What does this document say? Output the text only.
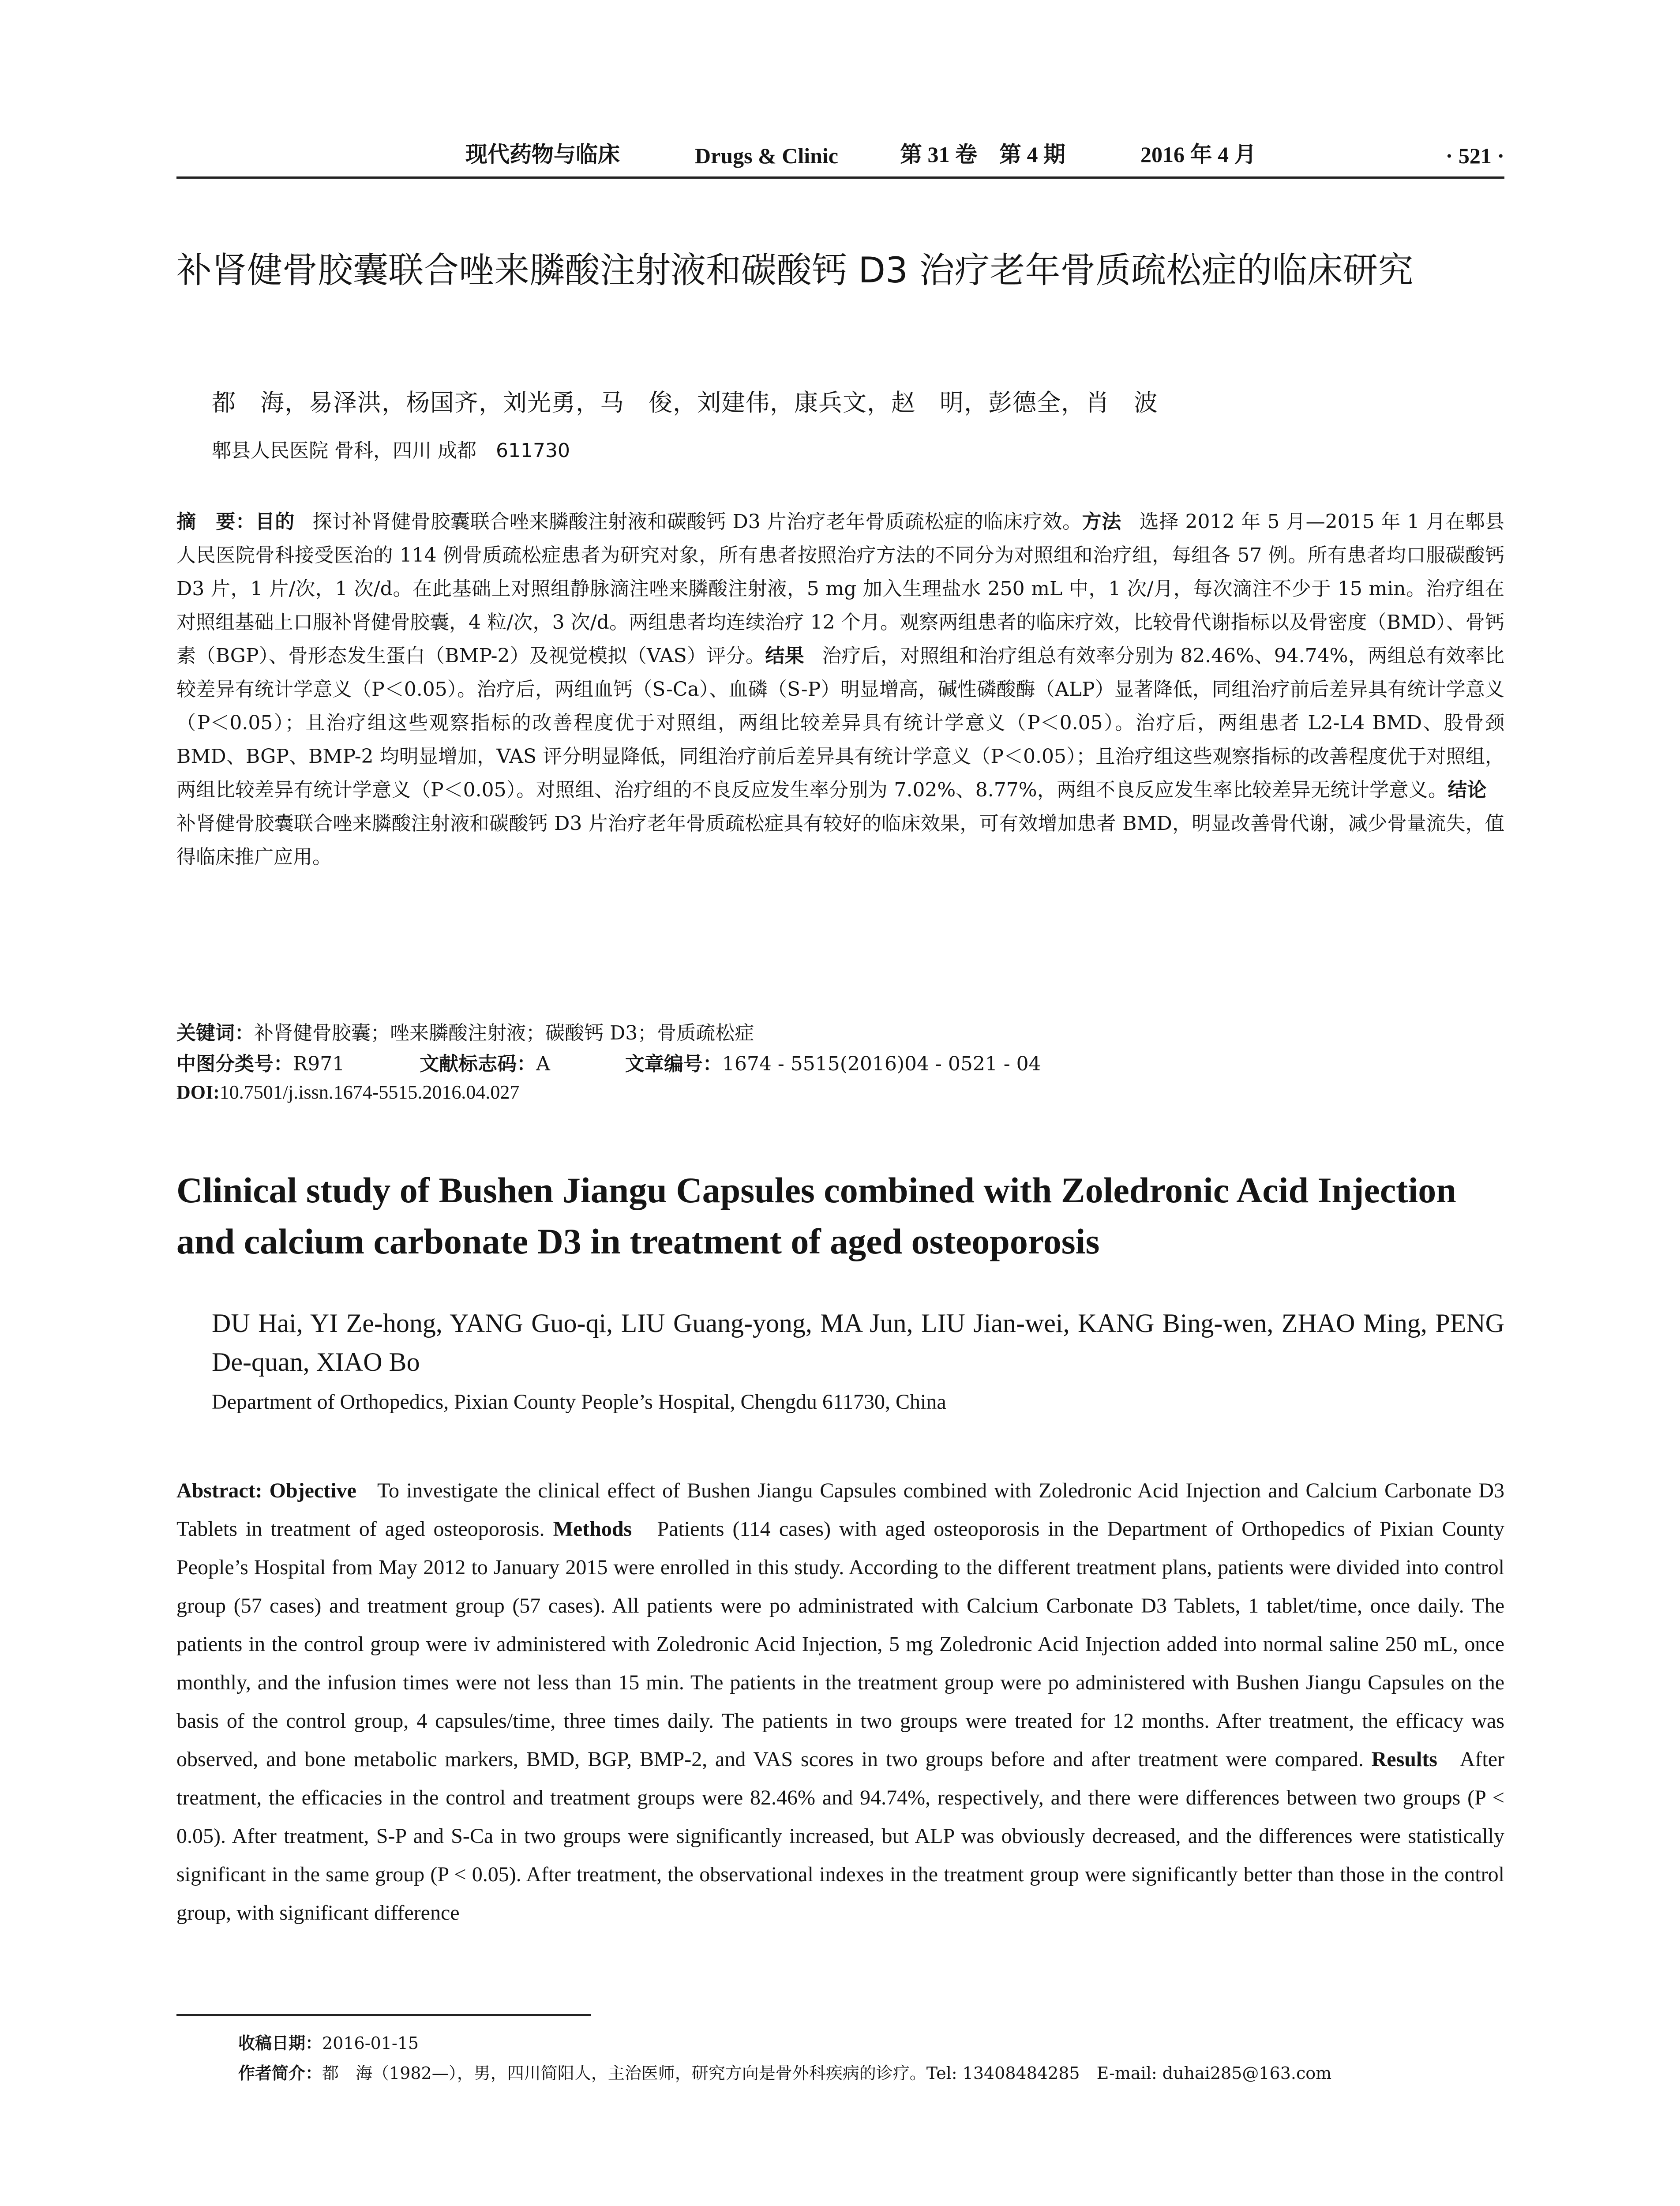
现代药物与临床	Drugs & Clinic	第 31 卷　第 4 期	2016 年 4 月	· 521 ·
补肾健骨胶囊联合唑来膦酸注射液和碳酸钙 D3 治疗老年骨质疏松症的临床研究

都　海，易泽洪，杨国齐，刘光勇，马　俊，刘建伟，康兵文，赵　明，彭德全，肖　波

郫县人民医院 骨科，四川 成都　611730

摘　要：目的 探讨补肾健骨胶囊联合唑来膦酸注射液和碳酸钙 D3 片治疗老年骨质疏松症的临床疗效。方法 选择 2012 年 5 月—2015 年 1 月在郫县人民医院骨科接受医治的 114 例骨质疏松症患者为研究对象，所有患者按照治疗方法的不同分为对照组和治疗组，每组各 57 例。所有患者均口服碳酸钙 D3 片，1 片/次，1 次/d。在此基础上对照组静脉滴注唑来膦酸注射液，5 mg 加入生理盐水 250 mL 中，1 次/月，每次滴注不少于 15 min。治疗组在对照组基础上口服补肾健骨胶囊，4 粒/次，3 次/d。两组患者均连续治疗 12 个月。观察两组患者的临床疗效，比较骨代谢指标以及骨密度（BMD）、骨钙素（BGP）、骨形态发生蛋白（BMP-2）及视觉模拟（VAS）评分。结果 治疗后，对照组和治疗组总有效率分别为 82.46%、94.74%，两组总有效率比较差异有统计学意义（P＜0.05）。治疗后，两组血钙（S-Ca）、血磷（S-P）明显增高，碱性磷酸酶（ALP）显著降低，同组治疗前后差异具有统计学意义（P＜0.05）；且治疗组这些观察指标的改善程度优于对照组，两组比较差异具有统计学意义（P＜0.05）。治疗后，两组患者 L2-L4 BMD、股骨颈 BMD、BGP、BMP-2 均明显增加，VAS 评分明显降低，同组治疗前后差异具有统计学意义（P＜0.05）；且治疗组这些观察指标的改善程度优于对照组，两组比较差异有统计学意义（P＜0.05）。对照组、治疗组的不良反应发生率分别为 7.02%、8.77%，两组不良反应发生率比较差异无统计学意义。结论补肾健骨胶囊联合唑来膦酸注射液和碳酸钙 D3 片治疗老年骨质疏松症具有较好的临床效果，可有效增加患者 BMD，明显改善骨代谢，减少骨量流失，值得临床推广应用。

关键词：补肾健骨胶囊；唑来膦酸注射液；碳酸钙 D3；骨质疏松症

中图分类号：R971	文献标志码：A	文章编号：1674 - 5515(2016)04 - 0521 - 04

DOI:10.7501/j.issn.1674-5515.2016.04.027

Clinical study of Bushen Jiangu Capsules combined with Zoledronic Acid Injection and calcium carbonate D3 in treatment of aged osteoporosis

DU Hai, YI Ze-hong, YANG Guo-qi, LIU Guang-yong, MA Jun, LIU Jian-wei, KANG Bing-wen, ZHAO Ming, PENG De-quan, XIAO Bo

Department of Orthopedics, Pixian County People’s Hospital, Chengdu 611730, China

Abstract: Objective To investigate the clinical effect of Bushen Jiangu Capsules combined with Zoledronic Acid Injection and Calcium Carbonate D3 Tablets in treatment of aged osteoporosis. Methods Patients (114 cases) with aged osteoporosis in the Department of Orthopedics of Pixian County People’s Hospital from May 2012 to January 2015 were enrolled in this study. According to the different treatment plans, patients were divided into control group (57 cases) and treatment group (57 cases). All patients were po administrated with Calcium Carbonate D3 Tablets, 1 tablet/time, once daily. The patients in the control group were iv administered with Zoledronic Acid Injection, 5 mg Zoledronic Acid Injection added into normal saline 250 mL, once monthly, and the infusion times were not less than 15 min. The patients in the treatment group were po administered with Bushen Jiangu Capsules on the basis of the control group, 4 capsules/time, three times daily. The patients in two groups were treated for 12 months. After treatment, the efficacy was observed, and bone metabolic markers, BMD, BGP, BMP-2, and VAS scores in two groups before and after treatment were compared. Results After treatment, the efficacies in the control and treatment groups were 82.46% and 94.74%, respectively, and there were differences between two groups (P < 0.05). After treatment, S-P and S-Ca in two groups were significantly increased, but ALP was obviously decreased, and the differences were statistically significant in the same group (P < 0.05). After treatment, the observational indexes in the treatment group were significantly better than those in the control group, with significant difference

收稿日期：2016-01-15

作者简介：都　海（1982—），男，四川简阳人，主治医师，研究方向是骨外科疾病的诊疗。Tel: 13408484285　E-mail: duhai285@163.com
